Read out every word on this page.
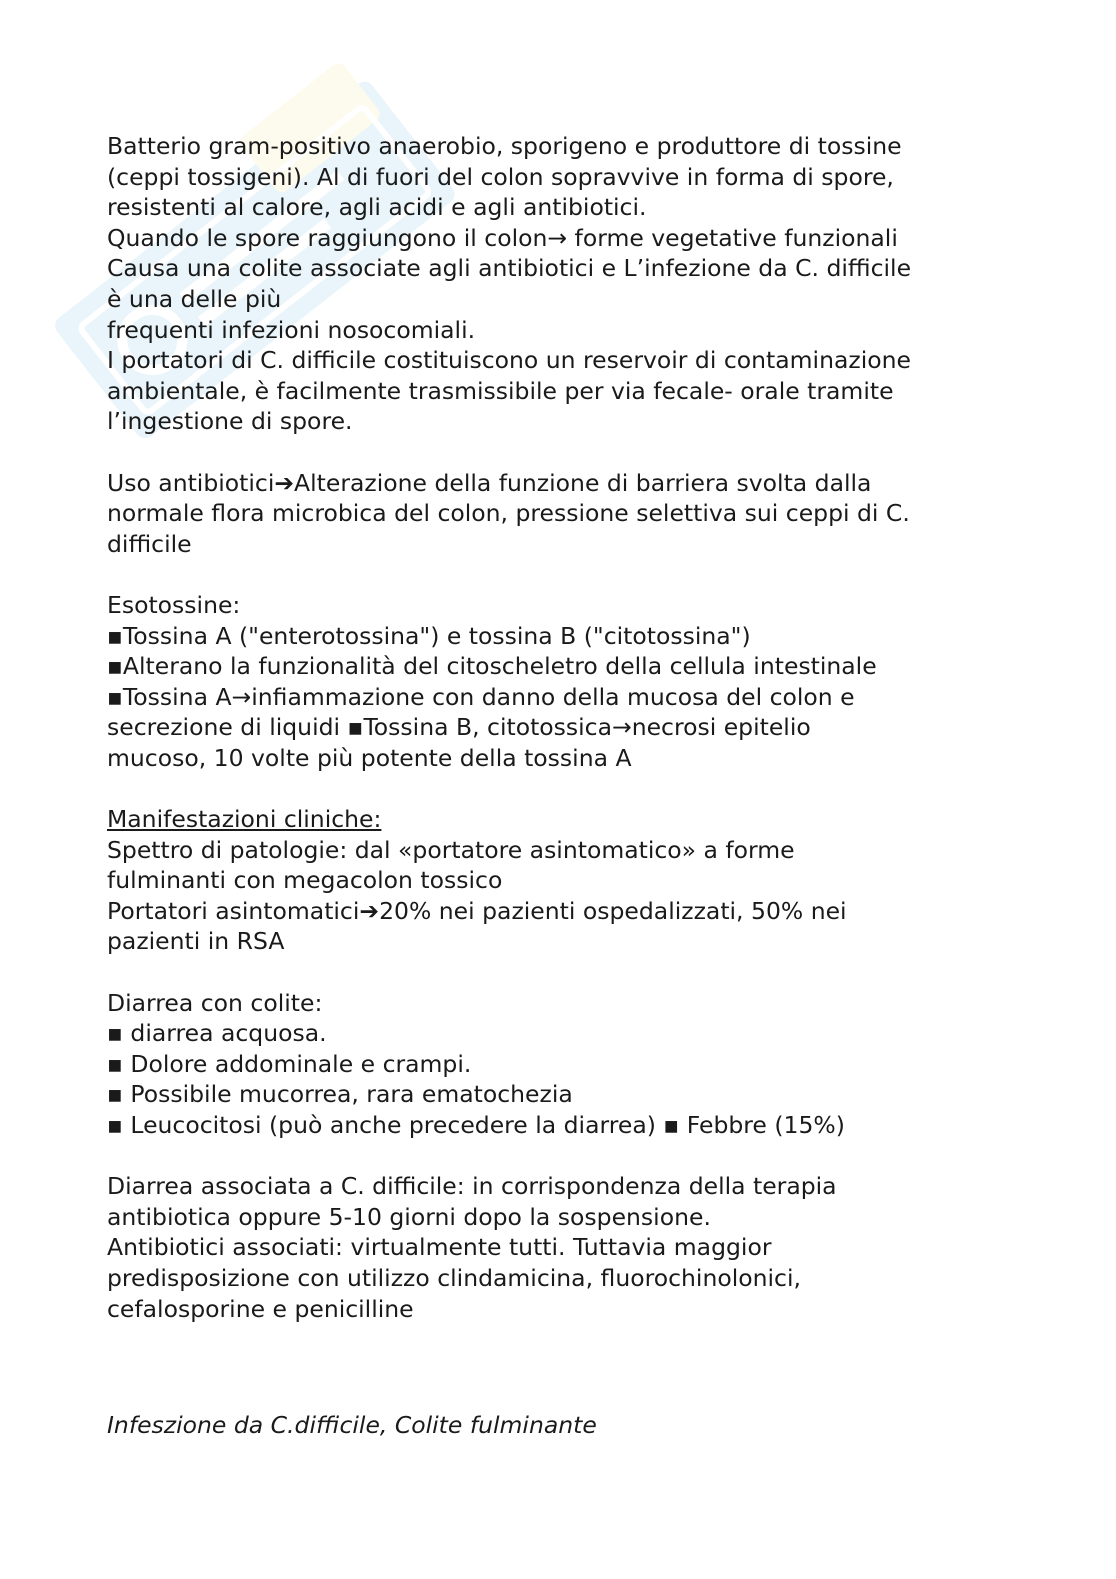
Batterio gram-positivo anaerobio, sporigeno e produttore di tossine

(ceppi tossigeni). Al di fuori del colon sopravvive in forma di spore,

resistenti al calore, agli acidi e agli antibiotici.

Quando le spore raggiungono il colon→ forme vegetative funzionali

Causa una colite associate agli antibiotici e L’infezione da C. difficile

è una delle più

frequenti infezioni nosocomiali.

I portatori di C. difficile costituiscono un reservoir di contaminazione

ambientale, è facilmente trasmissibile per via fecale- orale tramite

l’ingestione di spore.

Uso antibiotici➔Alterazione della funzione di barriera svolta dalla

normale flora microbica del colon, pressione selettiva sui ceppi di C.

difficile

Esotossine:

▪Tossina A ("enterotossina") e tossina B ("citotossina")

▪Alterano la funzionalità del citoscheletro della cellula intestinale

▪Tossina A→infiammazione con danno della mucosa del colon e

secrezione di liquidi ▪Tossina B, citotossica→necrosi epitelio

mucoso, 10 volte più potente della tossina A

Manifestazioni cliniche:

Spettro di patologie: dal «portatore asintomatico» a forme

fulminanti con megacolon tossico

Portatori asintomatici➔20% nei pazienti ospedalizzati, 50% nei

pazienti in RSA

Diarrea con colite:

▪ diarrea acquosa.

▪ Dolore addominale e crampi.

▪ Possibile mucorrea, rara ematochezia

▪ Leucocitosi (può anche precedere la diarrea) ▪ Febbre (15%)

Diarrea associata a C. difficile: in corrispondenza della terapia

antibiotica oppure 5-10 giorni dopo la sospensione.

Antibiotici associati: virtualmente tutti. Tuttavia maggior

predisposizione con utilizzo clindamicina, fluorochinolonici,

cefalosporine e penicilline

Infeszione da C.difficile, Colite fulminante
